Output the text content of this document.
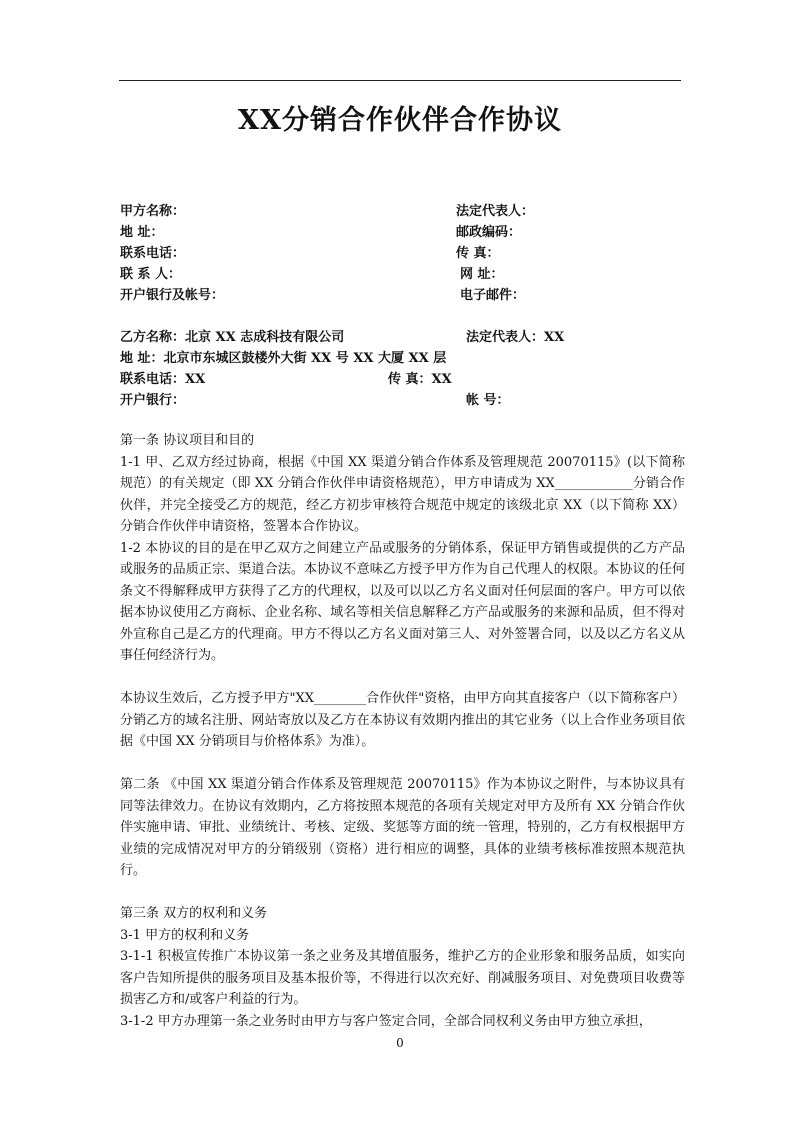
XX分销合作伙伴合作协议
甲方名称：	法定代表人：
地 址：	邮政编码：
联系电话：	传 真：
联 系 人：	网 址：
开户银行及帐号：	电子邮件：
乙方名称：北京 XX 志成科技有限公司	法定代表人：XX
地 址：北京市东城区鼓楼外大街 XX 号 XX 大厦 XX 层
联系电话：XX	传 真：XX
开户银行：	帐 号：

第一条 协议项目和目的

1-1 甲、乙双方经过协商，根据《中国 XX 渠道分销合作体系及管理规范 20070115》(以下简称规范）的有关规定（即 XX 分销合作伙伴申请资格规范），甲方申请成为 XX____________分销合作伙伴，并完全接受乙方的规范，经乙方初步审核符合规范中规定的该级北京 XX（以下简称 XX）分销合作伙伴申请资格，签署本合作协议。

1-2 本协议的目的是在甲乙双方之间建立产品或服务的分销体系，保证甲方销售或提供的乙方产品或服务的品质正宗、渠道合法。本协议不意味乙方授予甲方作为自己代理人的权限。本协议的任何条文不得解释成甲方获得了乙方的代理权，以及可以以乙方名义面对任何层面的客户。甲方可以依据本协议使用乙方商标、企业名称、域名等相关信息解释乙方产品或服务的来源和品质，但不得对外宣称自己是乙方的代理商。甲方不得以乙方名义面对第三人、对外签署合同，以及以乙方名义从事任何经济行为。

本协议生效后，乙方授予甲方"XX________合作伙伴"资格，由甲方向其直接客户（以下简称客户）分销乙方的域名注册、网站寄放以及乙方在本协议有效期内推出的其它业务（以上合作业务项目依据《中国 XX 分销项目与价格体系》为准）。

第二条 《中国 XX 渠道分销合作体系及管理规范 20070115》作为本协议之附件，与本协议具有同等法律效力。在协议有效期内，乙方将按照本规范的各项有关规定对甲方及所有 XX 分销合作伙伴实施申请、审批、业绩统计、考核、定级、奖惩等方面的统一管理，特别的，乙方有权根据甲方业绩的完成情况对甲方的分销级别（资格）进行相应的调整，具体的业绩考核标准按照本规范执行。

第三条 双方的权利和义务

3-1 甲方的权利和义务

3-1-1 积极宣传推广本协议第一条之业务及其增值服务，维护乙方的企业形象和服务品质，如实向客户告知所提供的服务项目及基本报价等，不得进行以次充好、削减服务项目、对免费项目收费等损害乙方和/或客户利益的行为。

3-1-2 甲方办理第一条之业务时由甲方与客户签定合同，全部合同权利义务由甲方独立承担，

0
